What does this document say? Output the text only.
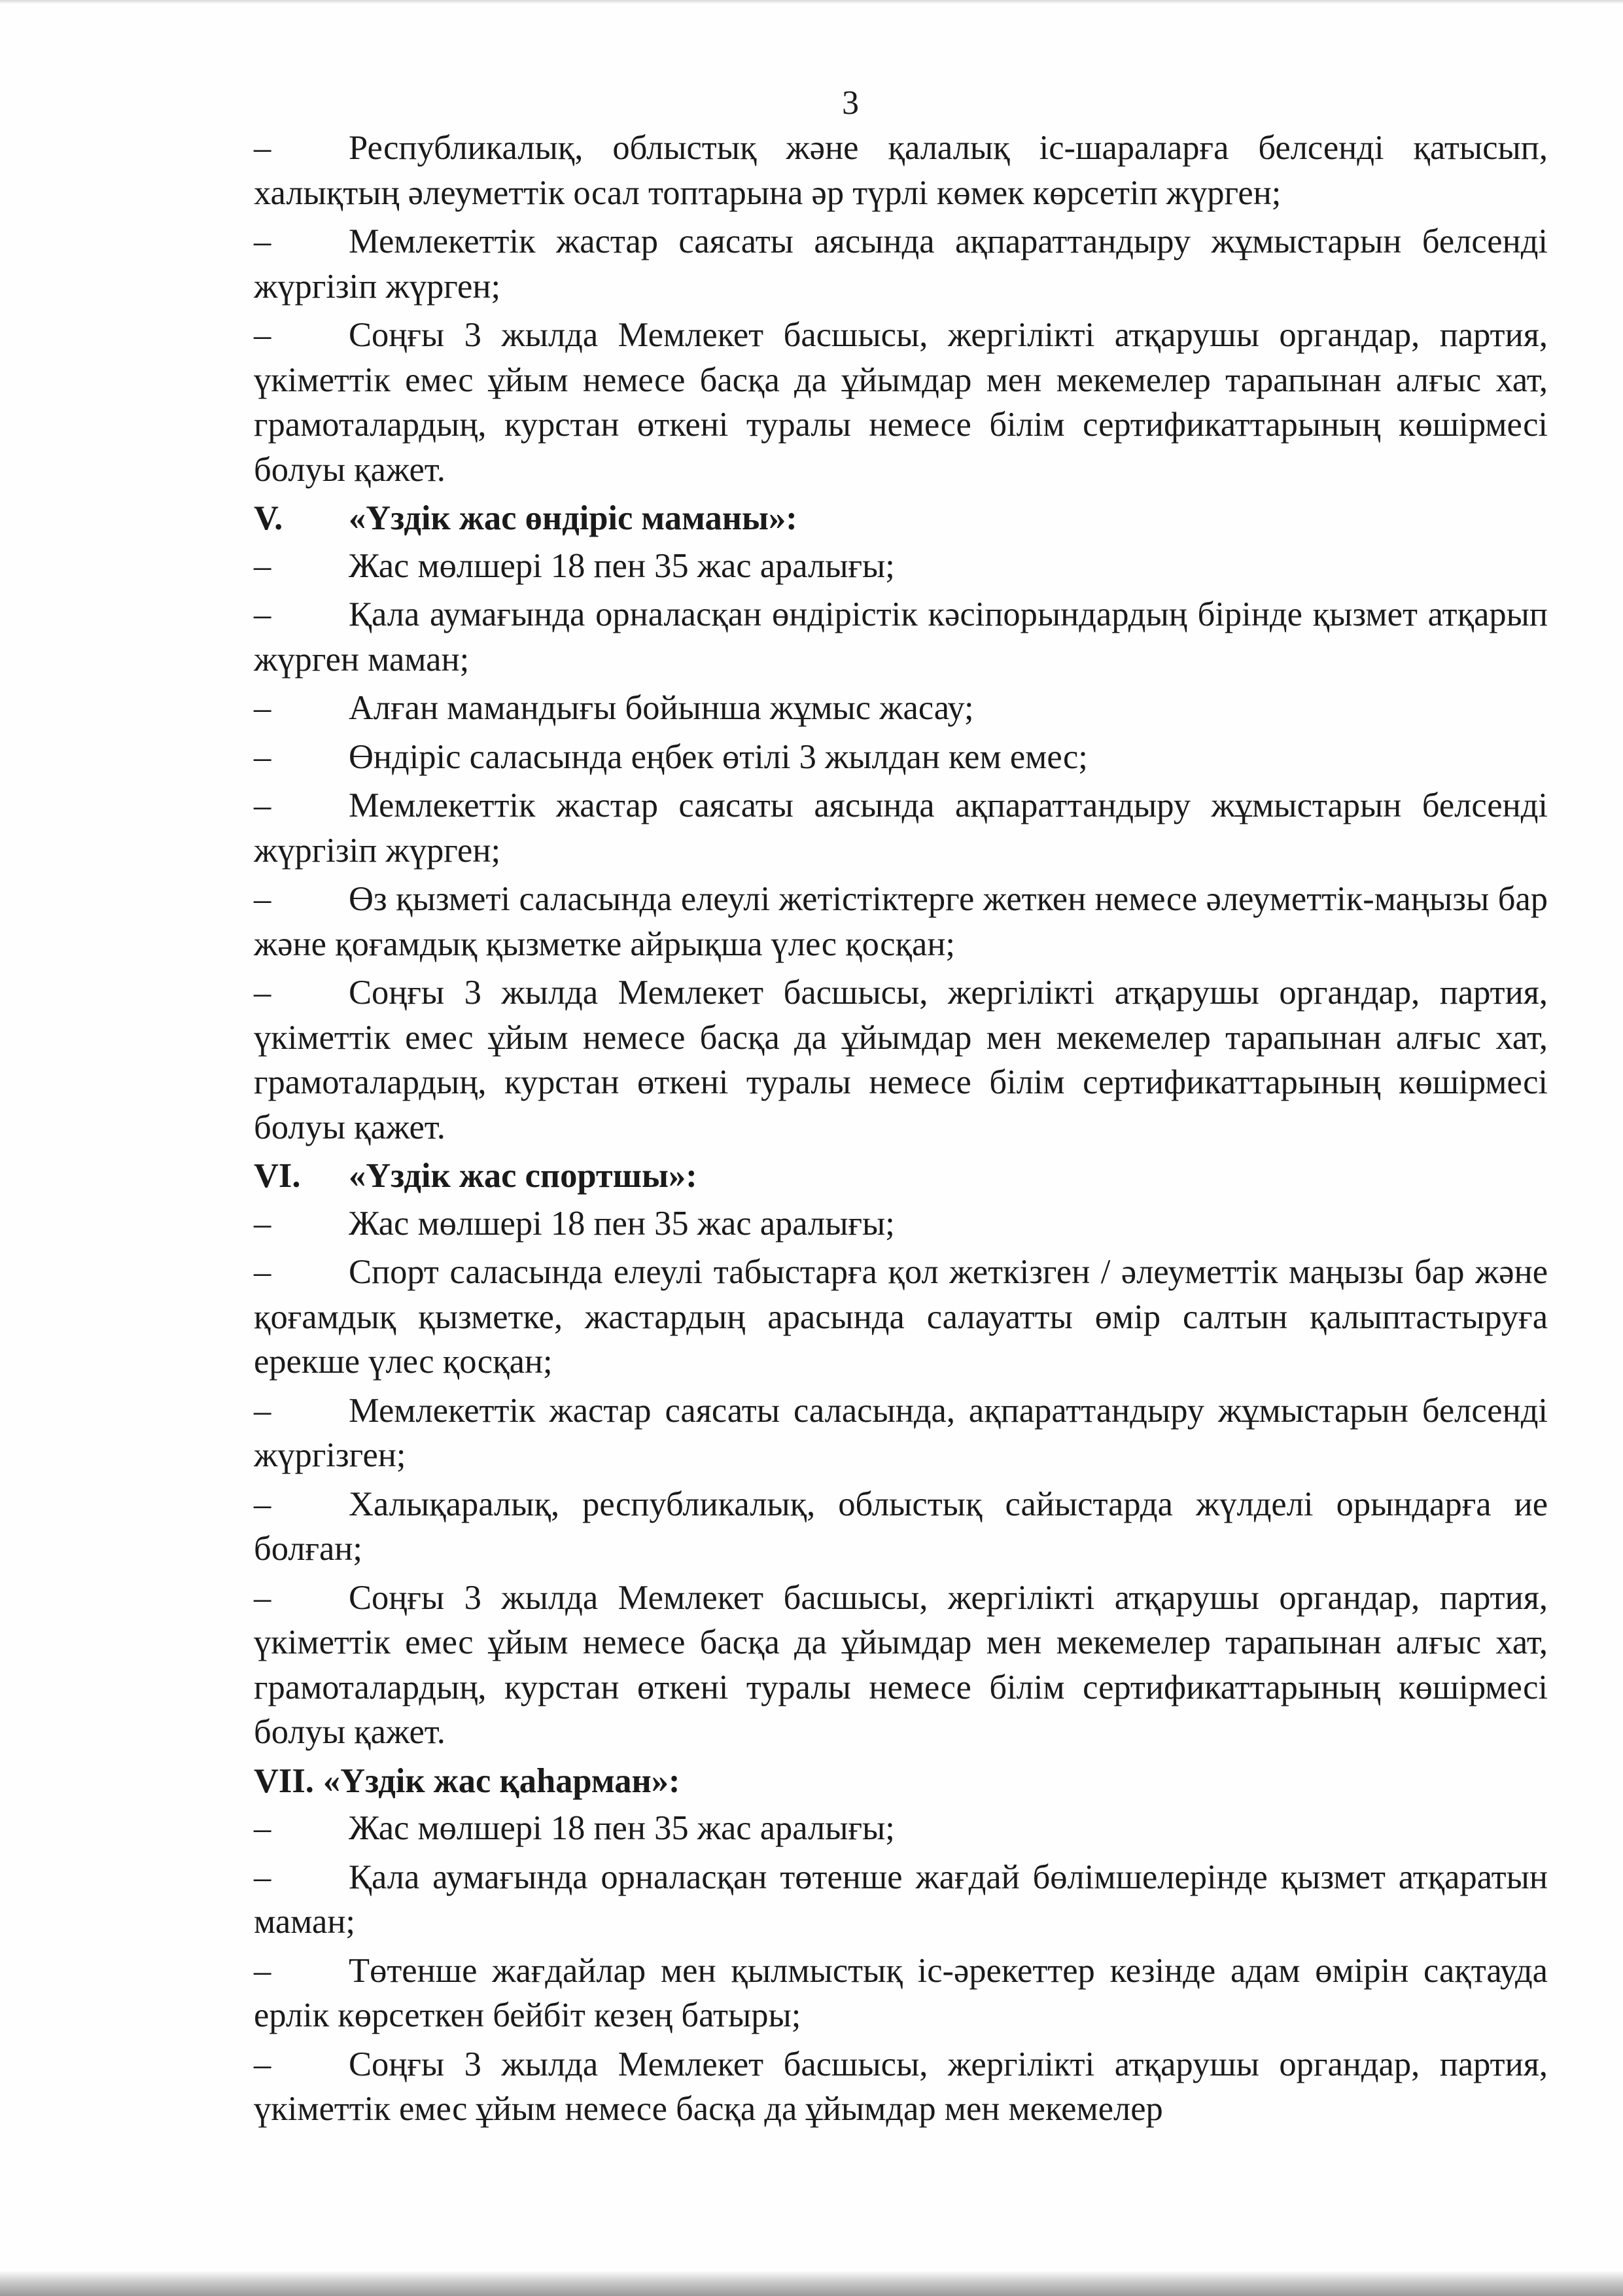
3
– Республикалық, облыстық және қалалық іс-шараларға белсенді қатысып, халықтың әлеуметтік осал топтарына әр түрлі көмек көрсетіп жүрген;
– Мемлекеттік жастар саясаты аясында ақпараттандыру жұмыстарын белсенді жүргізіп жүрген;
– Соңғы 3 жылда Мемлекет басшысы, жергілікті атқарушы органдар, партия, үкіметтік емес ұйым немесе басқа да ұйымдар мен мекемелер тарапынан алғыс хат, грамоталардың, курстан өткені туралы немесе білім сертификаттарының көшірмесі болуы қажет.
V. «Үздік жас өндіріс маманы»:
– Жас мөлшері 18 пен 35 жас аралығы;
– Қала аумағында орналасқан өндірістік кәсіпорындардың бірінде қызмет атқарып жүрген маман;
– Алған мамандығы бойынша жұмыс жасау;
– Өндіріс саласында еңбек өтілі 3 жылдан кем емес;
– Мемлекеттік жастар саясаты аясында ақпараттандыру жұмыстарын белсенді жүргізіп жүрген;
– Өз қызметі саласында елеулі жетістіктерге жеткен немесе әлеуметтік-маңызы бар және қоғамдық қызметке айрықша үлес қосқан;
– Соңғы 3 жылда Мемлекет басшысы, жергілікті атқарушы органдар, партия, үкіметтік емес ұйым немесе басқа да ұйымдар мен мекемелер тарапынан алғыс хат, грамоталардың, курстан өткені туралы немесе білім сертификаттарының көшірмесі болуы қажет.
VI. «Үздік жас спортшы»:
– Жас мөлшері 18 пен 35 жас аралығы;
– Спорт саласында елеулі табыстарға қол жеткізген / әлеуметтік маңызы бар және қоғамдық қызметке, жастардың арасында салауатты өмір салтын қалыптастыруға ерекше үлес қосқан;
– Мемлекеттік жастар саясаты саласында, ақпараттандыру жұмыстарын белсенді жүргізген;
– Халықаралық, республикалық, облыстық сайыстарда жүлделі орындарға ие болған;
– Соңғы 3 жылда Мемлекет басшысы, жергілікті атқарушы органдар, партия, үкіметтік емес ұйым немесе басқа да ұйымдар мен мекемелер тарапынан алғыс хат, грамоталардың, курстан өткені туралы немесе білім сертификаттарының көшірмесі болуы қажет.
VII. «Үздік жас қаһарман»:
– Жас мөлшері 18 пен 35 жас аралығы;
– Қала аумағында орналасқан төтенше жағдай бөлімшелерінде қызмет атқаратын маман;
– Төтенше жағдайлар мен қылмыстық іс-әрекеттер кезінде адам өмірін сақтауда ерлік көрсеткен бейбіт кезең батыры;
– Соңғы 3 жылда Мемлекет басшысы, жергілікті атқарушы органдар, партия, үкіметтік емес ұйым немесе басқа да ұйымдар мен мекемелер
